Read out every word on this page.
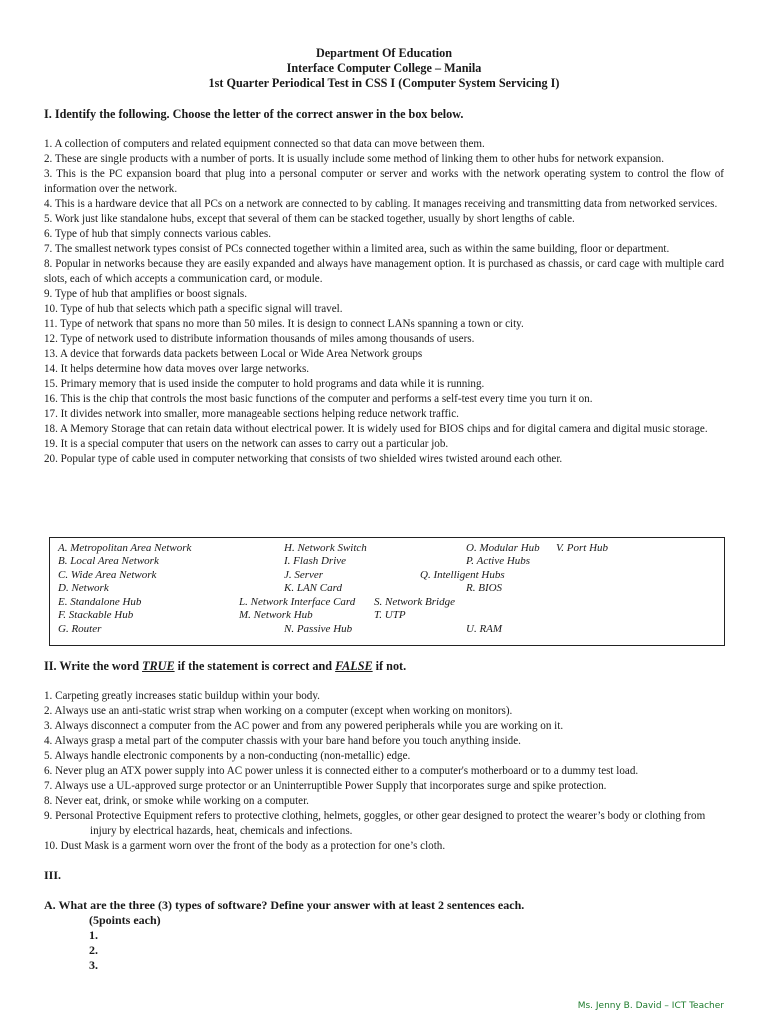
Department Of Education
Interface Computer College – Manila
1st Quarter Periodical Test in CSS I (Computer System Servicing I)
I. Identify the following. Choose the letter of the correct answer in the box below.
1. A collection of computers and related equipment connected so that data can move between them.
2. These are single products with a number of ports. It is usually include some method of linking them to other hubs for network expansion.
3. This is the PC expansion board that plug into a personal computer or server and works with the network operating system to control the flow of information over the network.
4. This is a hardware device that all PCs on a network are connected to by cabling. It manages receiving and transmitting data from networked services.
5. Work just like standalone hubs, except that several of them can be stacked together, usually by short lengths of cable.
6. Type of hub that simply connects various cables.
7. The smallest network types consist of PCs connected together within a limited area, such as within the same building, floor or department.
8. Popular in networks because they are easily expanded and always have management option. It is purchased as chassis, or card cage with multiple card slots, each of which accepts a communication card, or module.
9. Type of hub that amplifies or boost signals.
10. Type of hub that selects which path a specific signal will travel.
11. Type of network that spans no more than 50 miles. It is design to connect LANs spanning a town or city.
12. Type of network used to distribute information thousands of miles among thousands of users.
13. A device that forwards data packets between Local or Wide Area Network groups
14. It helps determine how data moves over large networks.
15. Primary memory that is used inside the computer to hold programs and data while it is running.
16. This is the chip that controls the most basic functions of the computer and performs a self-test every time you turn it on.
17. It divides network into smaller, more manageable sections helping reduce network traffic.
18. A Memory Storage that can retain data without electrical power. It is widely used for BIOS chips and for digital camera and digital music storage.
19. It is a special computer that users on the network can asses to carry out a particular job.
20. Popular type of cable used in computer networking that consists of two shielded wires twisted around each other.
A. Metropolitan Area Network
B. Local Area Network
C. Wide Area Network
D. Network
E. Standalone Hub
F. Stackable Hub
G. Router
H. Network Switch
I. Flash Drive
J. Server
K. LAN Card
L. Network Interface Card
M. Network Hub
N. Passive Hub
O. Modular Hub
P. Active Hubs
Q. Intelligent Hubs
R. BIOS
S. Network Bridge
T. UTP
U. RAM
V. Port Hub
II. Write the word TRUE if the statement is correct and FALSE if not.
1. Carpeting greatly increases static buildup within your body.
2. Always use an anti-static wrist strap when working on a computer (except when working on monitors).
3. Always disconnect a computer from the AC power and from any powered peripherals while you are working on it.
4. Always grasp a metal part of the computer chassis with your bare hand before you touch anything inside.
5. Always handle electronic components by a non-conducting (non-metallic) edge.
6. Never plug an ATX power supply into AC power unless it is connected either to a computer's motherboard or to a dummy test load.
7. Always use a UL-approved surge protector or an Uninterruptible Power Supply that incorporates surge and spike protection.
8. Never eat, drink, or smoke while working on a computer.
9. Personal Protective Equipment refers to protective clothing, helmets, goggles, or other gear designed to protect the wearer’s body or clothing from injury by electrical hazards, heat, chemicals and infections.
10. Dust Mask is a garment worn over the front of the body as a protection for one’s cloth.
III.
A. What are the three (3) types of software? Define your answer with at least 2 sentences each.
(5points each)
1.
2.
3.
Ms. Jenny B. David – ICT Teacher
